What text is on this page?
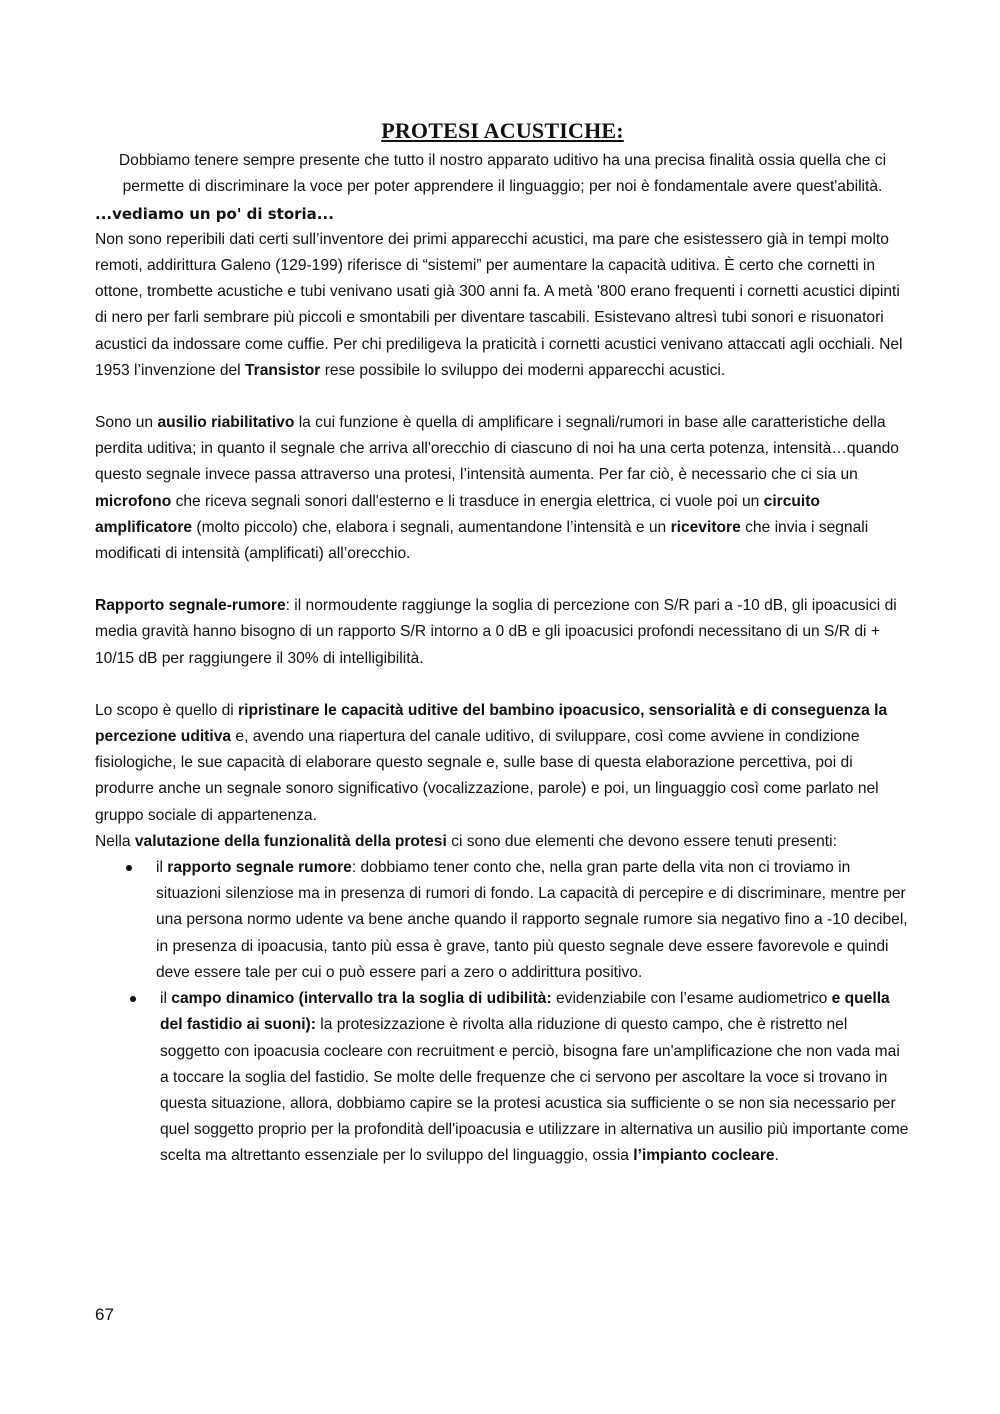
PROTESI ACUSTICHE:

Dobbiamo tenere sempre presente che tutto il nostro apparato uditivo ha una precisa finalità ossia quella che ci permette di discriminare la voce per poter apprendere il linguaggio; per noi è fondamentale avere quest'abilità.

...vediamo un po' di storia...

Non sono reperibili dati certi sull’inventore dei primi apparecchi acustici, ma pare che esistessero già in tempi molto remoti, addirittura Galeno (129-199) riferisce di “sistemi” per aumentare la capacità uditiva. È certo che cornetti in ottone, trombette acustiche e tubi venivano usati già 300 anni fa. A metà '800 erano frequenti i cornetti acustici dipinti di nero per farli sembrare più piccoli e smontabili per diventare tascabili. Esistevano altresì tubi sonori e risuonatori acustici da indossare come cuffie. Per chi prediligeva la praticità i cornetti acustici venivano attaccati agli occhiali. Nel 1953 l’invenzione del Transistor rese possibile lo sviluppo dei moderni apparecchi acustici.

Sono un ausilio riabilitativo la cui funzione è quella di amplificare i segnali/rumori in base alle caratteristiche della perdita uditiva; in quanto il segnale che arriva all'orecchio di ciascuno di noi ha una certa potenza, intensità…quando questo segnale invece passa attraverso una protesi, l’intensità aumenta. Per far ciò, è necessario che ci sia un microfono che riceva segnali sonori dall'esterno e li trasduce in energia elettrica, ci vuole poi un circuito amplificatore (molto piccolo) che, elabora i segnali, aumentandone l’intensità e un ricevitore che invia i segnali modificati di intensità (amplificati) all’orecchio.

Rapporto segnale-rumore: il normoudente raggiunge la soglia di percezione con S/R pari a -10 dB, gli ipoacusici di media gravità hanno bisogno di un rapporto S/R intorno a 0 dB e gli ipoacusici profondi necessitano di un S/R di + 10/15 dB per raggiungere il 30% di intelligibilità.

Lo scopo è quello di ripristinare le capacità uditive del bambino ipoacusico, sensorialità e di conseguenza la percezione uditiva e, avendo una riapertura del canale uditivo, di sviluppare, così come avviene in condizione fisiologiche, le sue capacità di elaborare questo segnale e, sulle base di questa elaborazione percettiva, poi di produrre anche un segnale sonoro significativo (vocalizzazione, parole) e poi, un linguaggio così come parlato nel gruppo sociale di appartenenza.

Nella valutazione della funzionalità della protesi ci sono due elementi che devono essere tenuti presenti:

il rapporto segnale rumore: dobbiamo tener conto che, nella gran parte della vita non ci troviamo in situazioni silenziose ma in presenza di rumori di fondo. La capacità di percepire e di discriminare, mentre per una persona normo udente va bene anche quando il rapporto segnale rumore sia negativo fino a -10 decibel, in presenza di ipoacusia, tanto più essa è grave, tanto più questo segnale deve essere favorevole e quindi deve essere tale per cui o può essere pari a zero o addirittura positivo.
il campo dinamico (intervallo tra la soglia di udibilità: evidenziabile con l’esame audiometrico e quella del fastidio ai suoni): la protesizzazione è rivolta alla riduzione di questo campo, che è ristretto nel soggetto con ipoacusia cocleare con recruitment e perciò, bisogna fare un'amplificazione che non vada mai a toccare la soglia del fastidio. Se molte delle frequenze che ci servono per ascoltare la voce si trovano in questa situazione, allora, dobbiamo capire se la protesi acustica sia sufficiente o se non sia necessario per quel soggetto proprio per la profondità dell'ipoacusia e utilizzare in alternativa un ausilio più importante come scelta ma altrettanto essenziale per lo sviluppo del linguaggio, ossia l’impianto cocleare.
67
